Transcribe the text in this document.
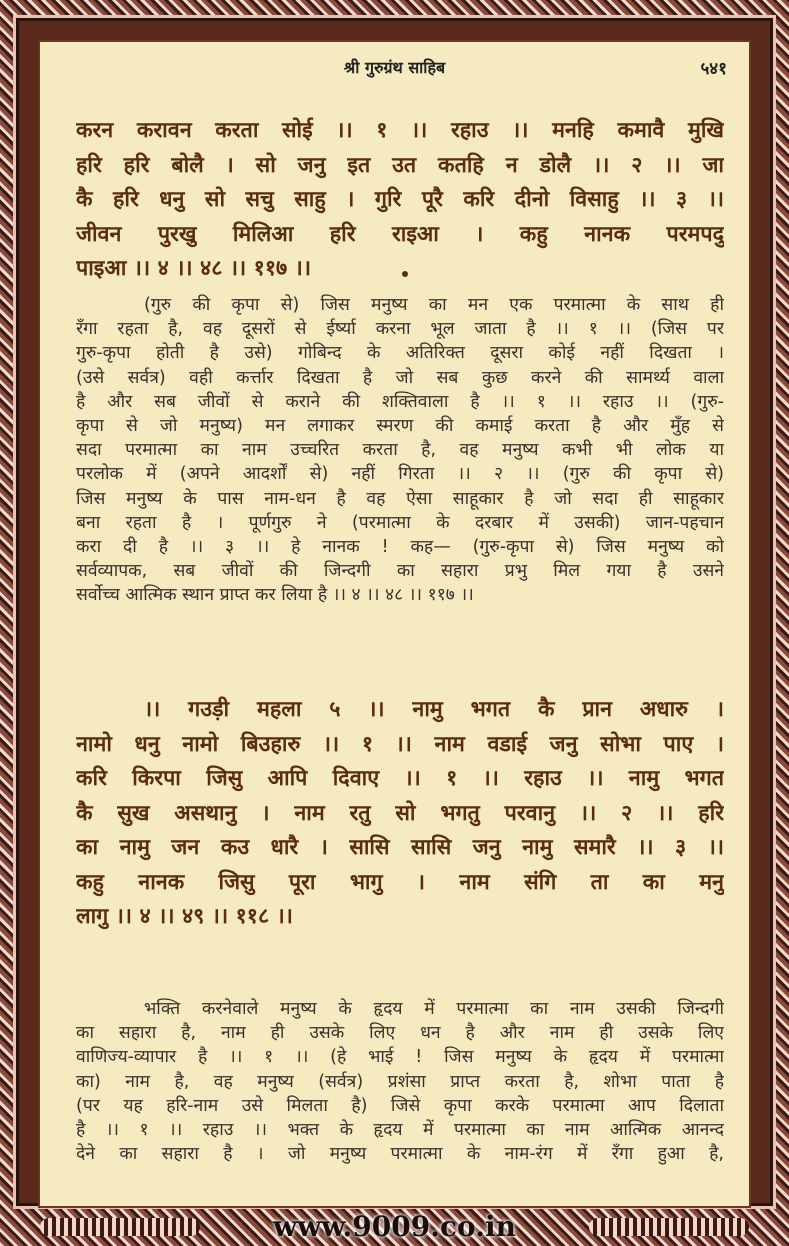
श्री गुरुग्रंथ साहिब	५४१
करन करावन करता सोई ।। १ ।। रहाउ ।। मनहि कमावै मुखि
हरि हरि बोलै । सो जनु इत उत कतहि न डोलै ।। २ ।। जा
कै हरि धनु सो सचु साहु । गुरि पूरै करि दीनो विसाहु ।। ३ ।।
जीवन पुरखु मिलिआ हरि राइआ । कहु नानक परमपदु
पाइआ ।। ४ ।। ४८ ।। ११७ ।।
(गुरु की कृपा से) जिस मनुष्य का मन एक परमात्मा के साथ ही
रँगा रहता है, वह दूसरों से ईर्ष्या करना भूल जाता है ।। १ ।। (जिस पर
गुरु-कृपा होती है उसे) गोबिन्द के अतिरिक्त दूसरा कोई नहीं दिखता ।
(उसे सर्वत्र) वही कर्त्तार दिखता है जो सब कुछ करने की सामर्थ्य वाला
है और सब जीवों से कराने की शक्तिवाला है ।। १ ।। रहाउ ।। (गुरु-
कृपा से जो मनुष्य) मन लगाकर स्मरण की कमाई करता है और मुँह से
सदा परमात्मा का नाम उच्चरित करता है, वह मनुष्य कभी भी लोक या
परलोक में (अपने आदर्शों से) नहीं गिरता ।। २ ।। (गुरु की कृपा से)
जिस मनुष्य के पास नाम-धन है वह ऐसा साहूकार है जो सदा ही साहूकार
बना रहता है । पूर्णगुरु ने (परमात्मा के दरबार में उसकी) जान-पहचान
करा दी है ।। ३ ।। हे नानक ! कह— (गुरु-कृपा से) जिस मनुष्य को
सर्वव्यापक, सब जीवों की जिन्दगी का सहारा प्रभु मिल गया है उसने
सर्वोच्च आत्मिक स्थान प्राप्त कर लिया है ।। ४ ।। ४८ ।। ११७ ।।
।। गउड़ी महला ५ ।। नामु भगत कै प्रान अधारु ।
नामो धनु नामो बिउहारु ।। १ ।। नाम वडाई जनु सोभा पाए ।
करि किरपा जिसु आपि दिवाए ।। १ ।। रहाउ ।। नामु भगत
कै सुख असथानु । नाम रतु सो भगतु परवानु ।। २ ।। हरि
का नामु जन कउ धारै । सासि सासि जनु नामु समारै ।। ३ ।।
कहु नानक जिसु पूरा भागु । नाम संगि ता का मनु
लागु ।। ४ ।। ४९ ।। ११८ ।।
भक्ति करनेवाले मनुष्य के हृदय में परमात्मा का नाम उसकी जिन्दगी
का सहारा है, नाम ही उसके लिए धन है और नाम ही उसके लिए
वाणिज्य-व्यापार है ।। १ ।। (हे भाई ! जिस मनुष्य के हृदय में परमात्मा
का) नाम है, वह मनुष्य (सर्वत्र) प्रशंसा प्राप्त करता है, शोभा पाता है
(पर यह हरि-नाम उसे मिलता है) जिसे कृपा करके परमात्मा आप दिलाता
है ।। १ ।। रहाउ ।। भक्त के हृदय में परमात्मा का नाम आत्मिक आनन्द
देने का सहारा है । जो मनुष्य परमात्मा के नाम-रंग में रँगा हुआ है,
www.9009.co.in
